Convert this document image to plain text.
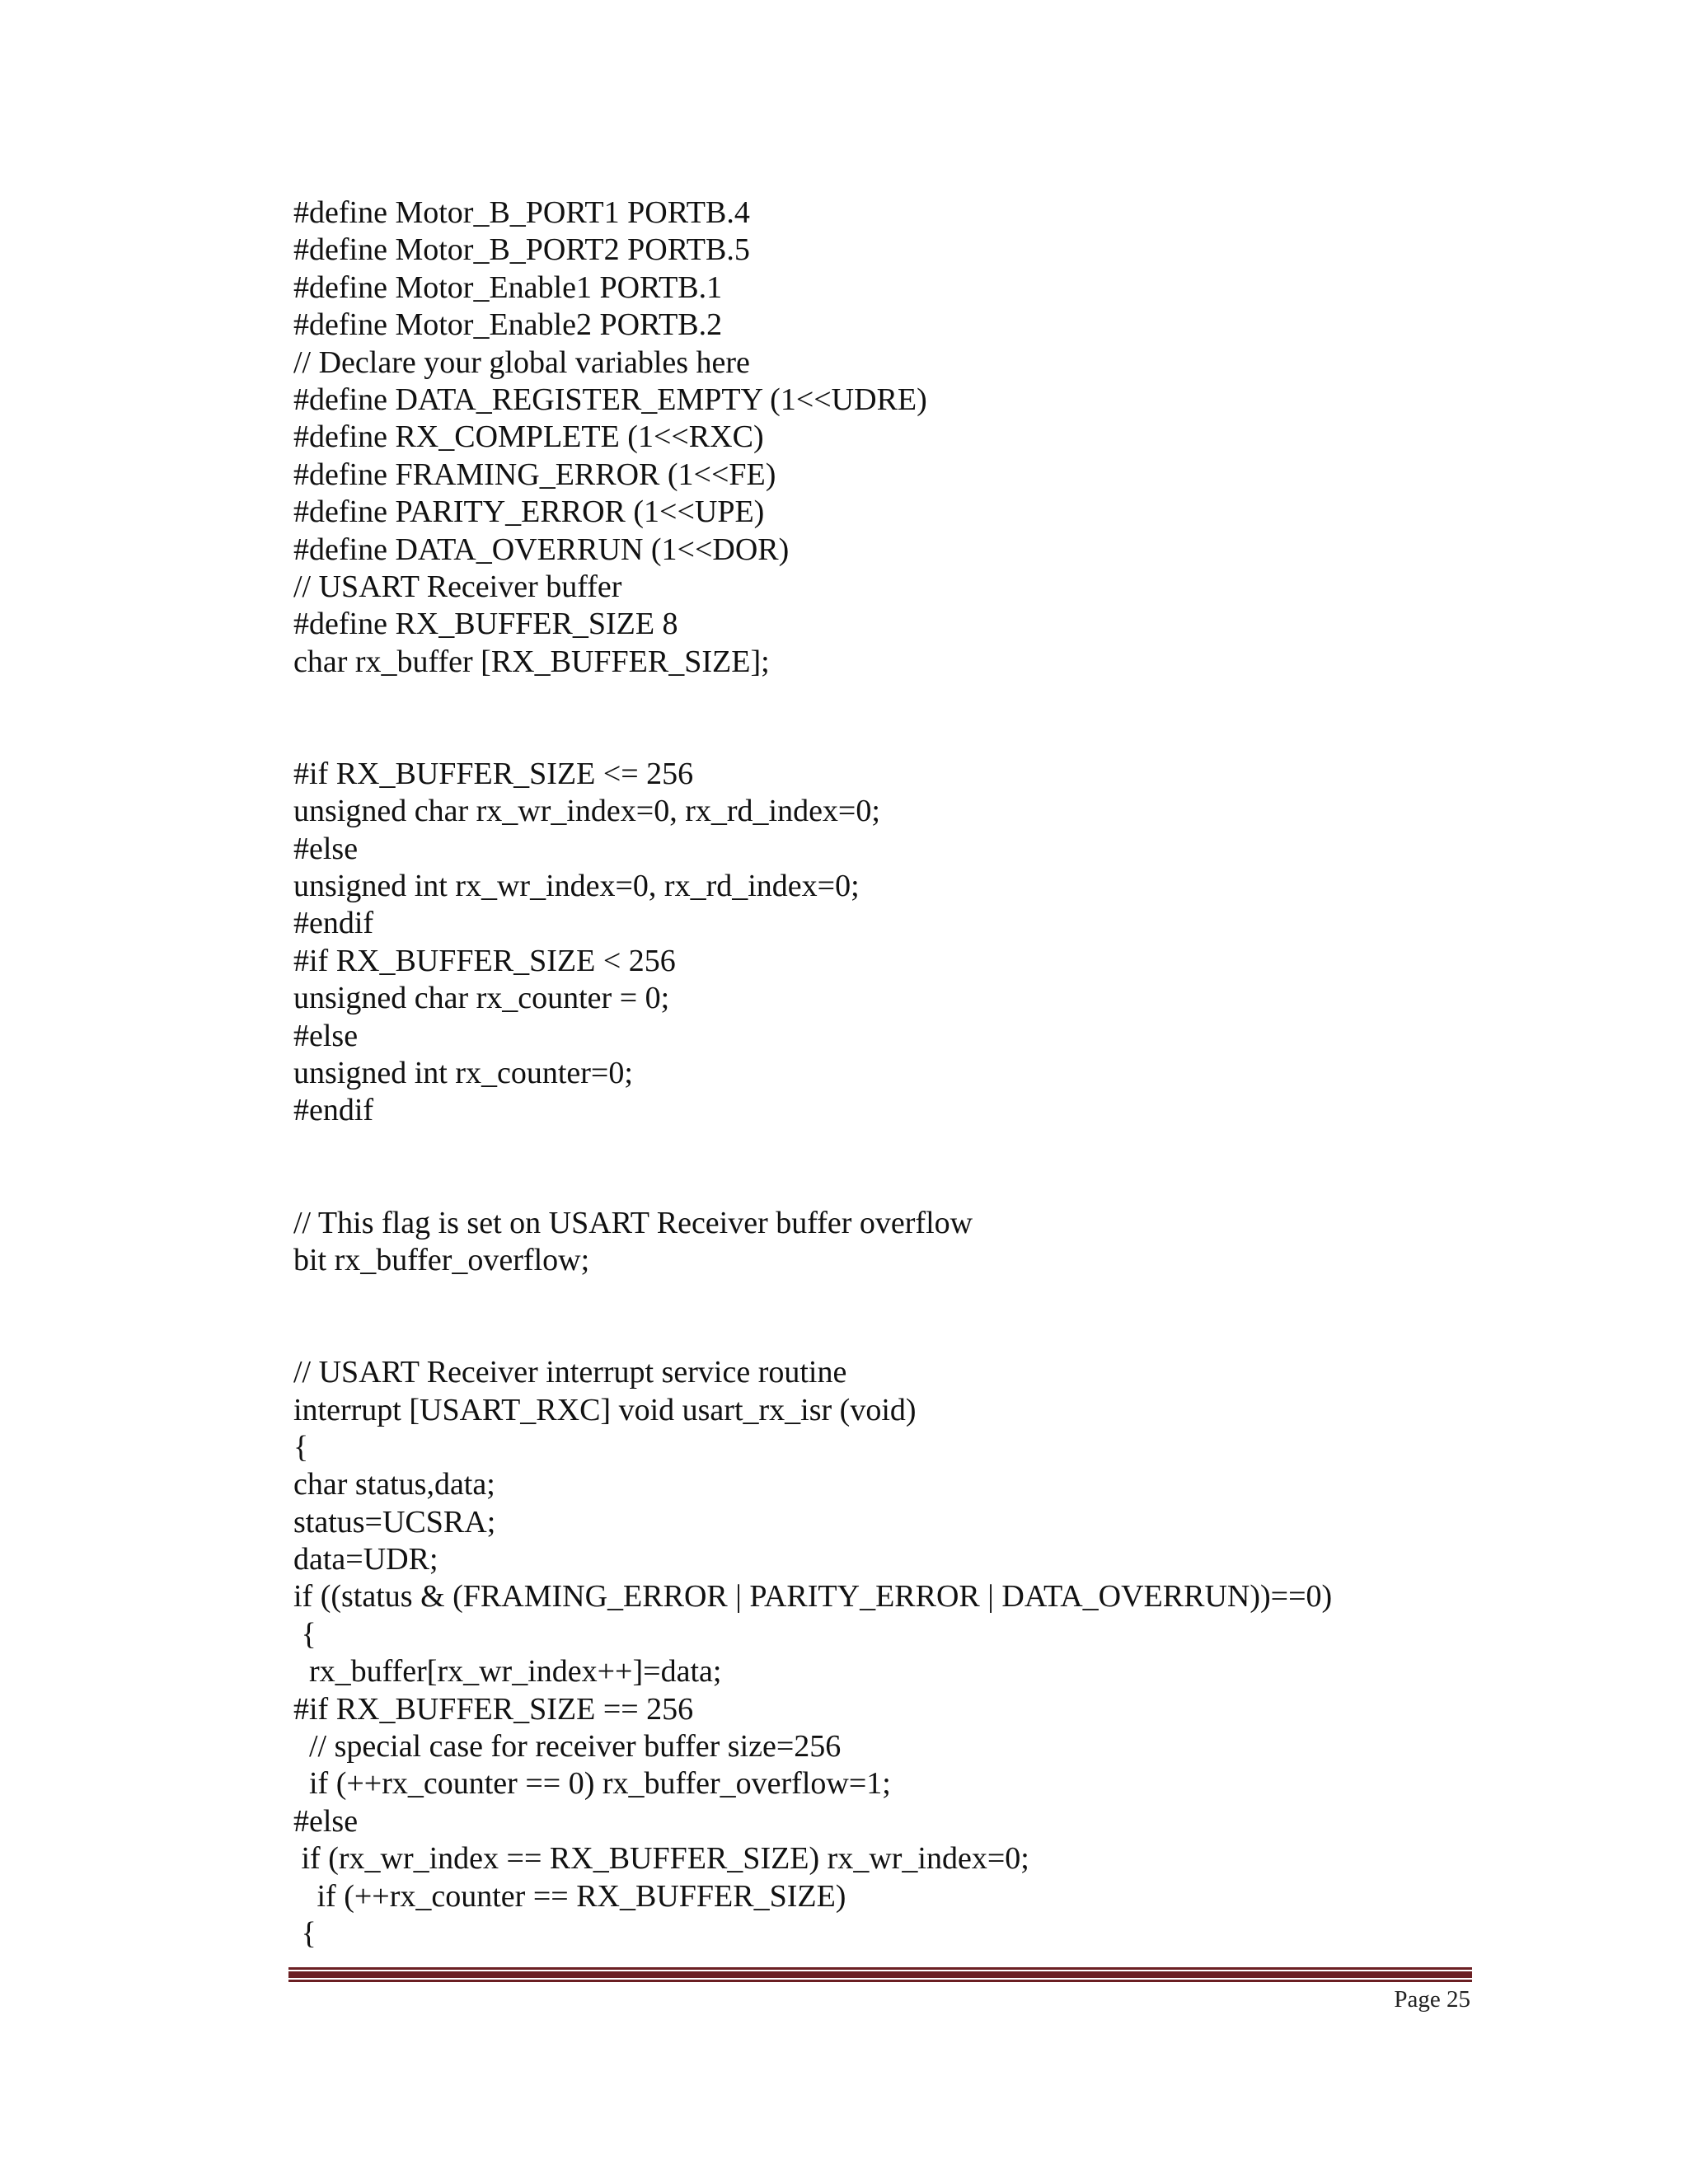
#define Motor_B_PORT1 PORTB.4
#define Motor_B_PORT2 PORTB.5
#define Motor_Enable1 PORTB.1
#define Motor_Enable2 PORTB.2
// Declare your global variables here
#define DATA_REGISTER_EMPTY (1<<UDRE)
#define RX_COMPLETE (1<<RXC)
#define FRAMING_ERROR (1<<FE)
#define PARITY_ERROR (1<<UPE)
#define DATA_OVERRUN (1<<DOR)
// USART Receiver buffer
#define RX_BUFFER_SIZE 8
char rx_buffer [RX_BUFFER_SIZE];
#if RX_BUFFER_SIZE <= 256
unsigned char rx_wr_index=0, rx_rd_index=0;
#else
unsigned int rx_wr_index=0, rx_rd_index=0;
#endif
#if RX_BUFFER_SIZE < 256
unsigned char rx_counter = 0;
#else
unsigned int rx_counter=0;
#endif
// This flag is set on USART Receiver buffer overflow
bit rx_buffer_overflow;
// USART Receiver interrupt service routine
interrupt [USART_RXC] void usart_rx_isr (void)
{
char status,data;
status=UCSRA;
data=UDR;
if ((status & (FRAMING_ERROR | PARITY_ERROR | DATA_OVERRUN))==0)
{
rx_buffer[rx_wr_index++]=data;
#if RX_BUFFER_SIZE == 256
// special case for receiver buffer size=256
if (++rx_counter == 0) rx_buffer_overflow=1;
#else
if (rx_wr_index == RX_BUFFER_SIZE) rx_wr_index=0;
if (++rx_counter == RX_BUFFER_SIZE)
{
Page 25
